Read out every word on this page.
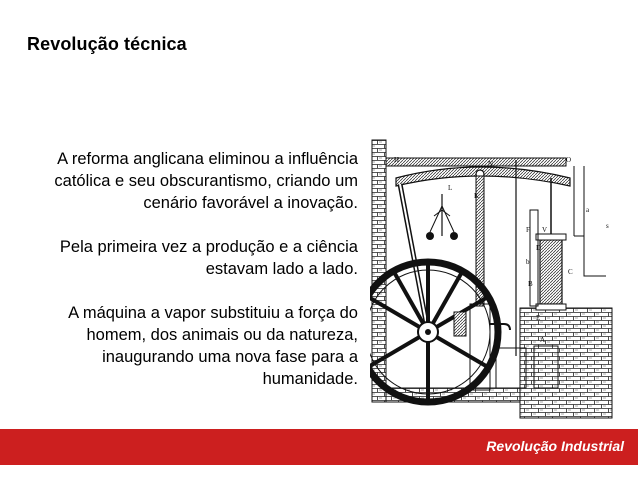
Revolução técnica

A reforma anglicana eliminou a influência católica e seu obscurantismo, criando um cenário favorável a inovação.

Pela primeira vez a produção e a ciência estavam lado a lado.

A máquina a vapor substituiu a força do homem, dos animais ou da natureza, inaugurando uma nova fase para a humanidade.

H
L
K
N	O
a
b
s
B
C
D
E
F V
A
Revolução Industrial
